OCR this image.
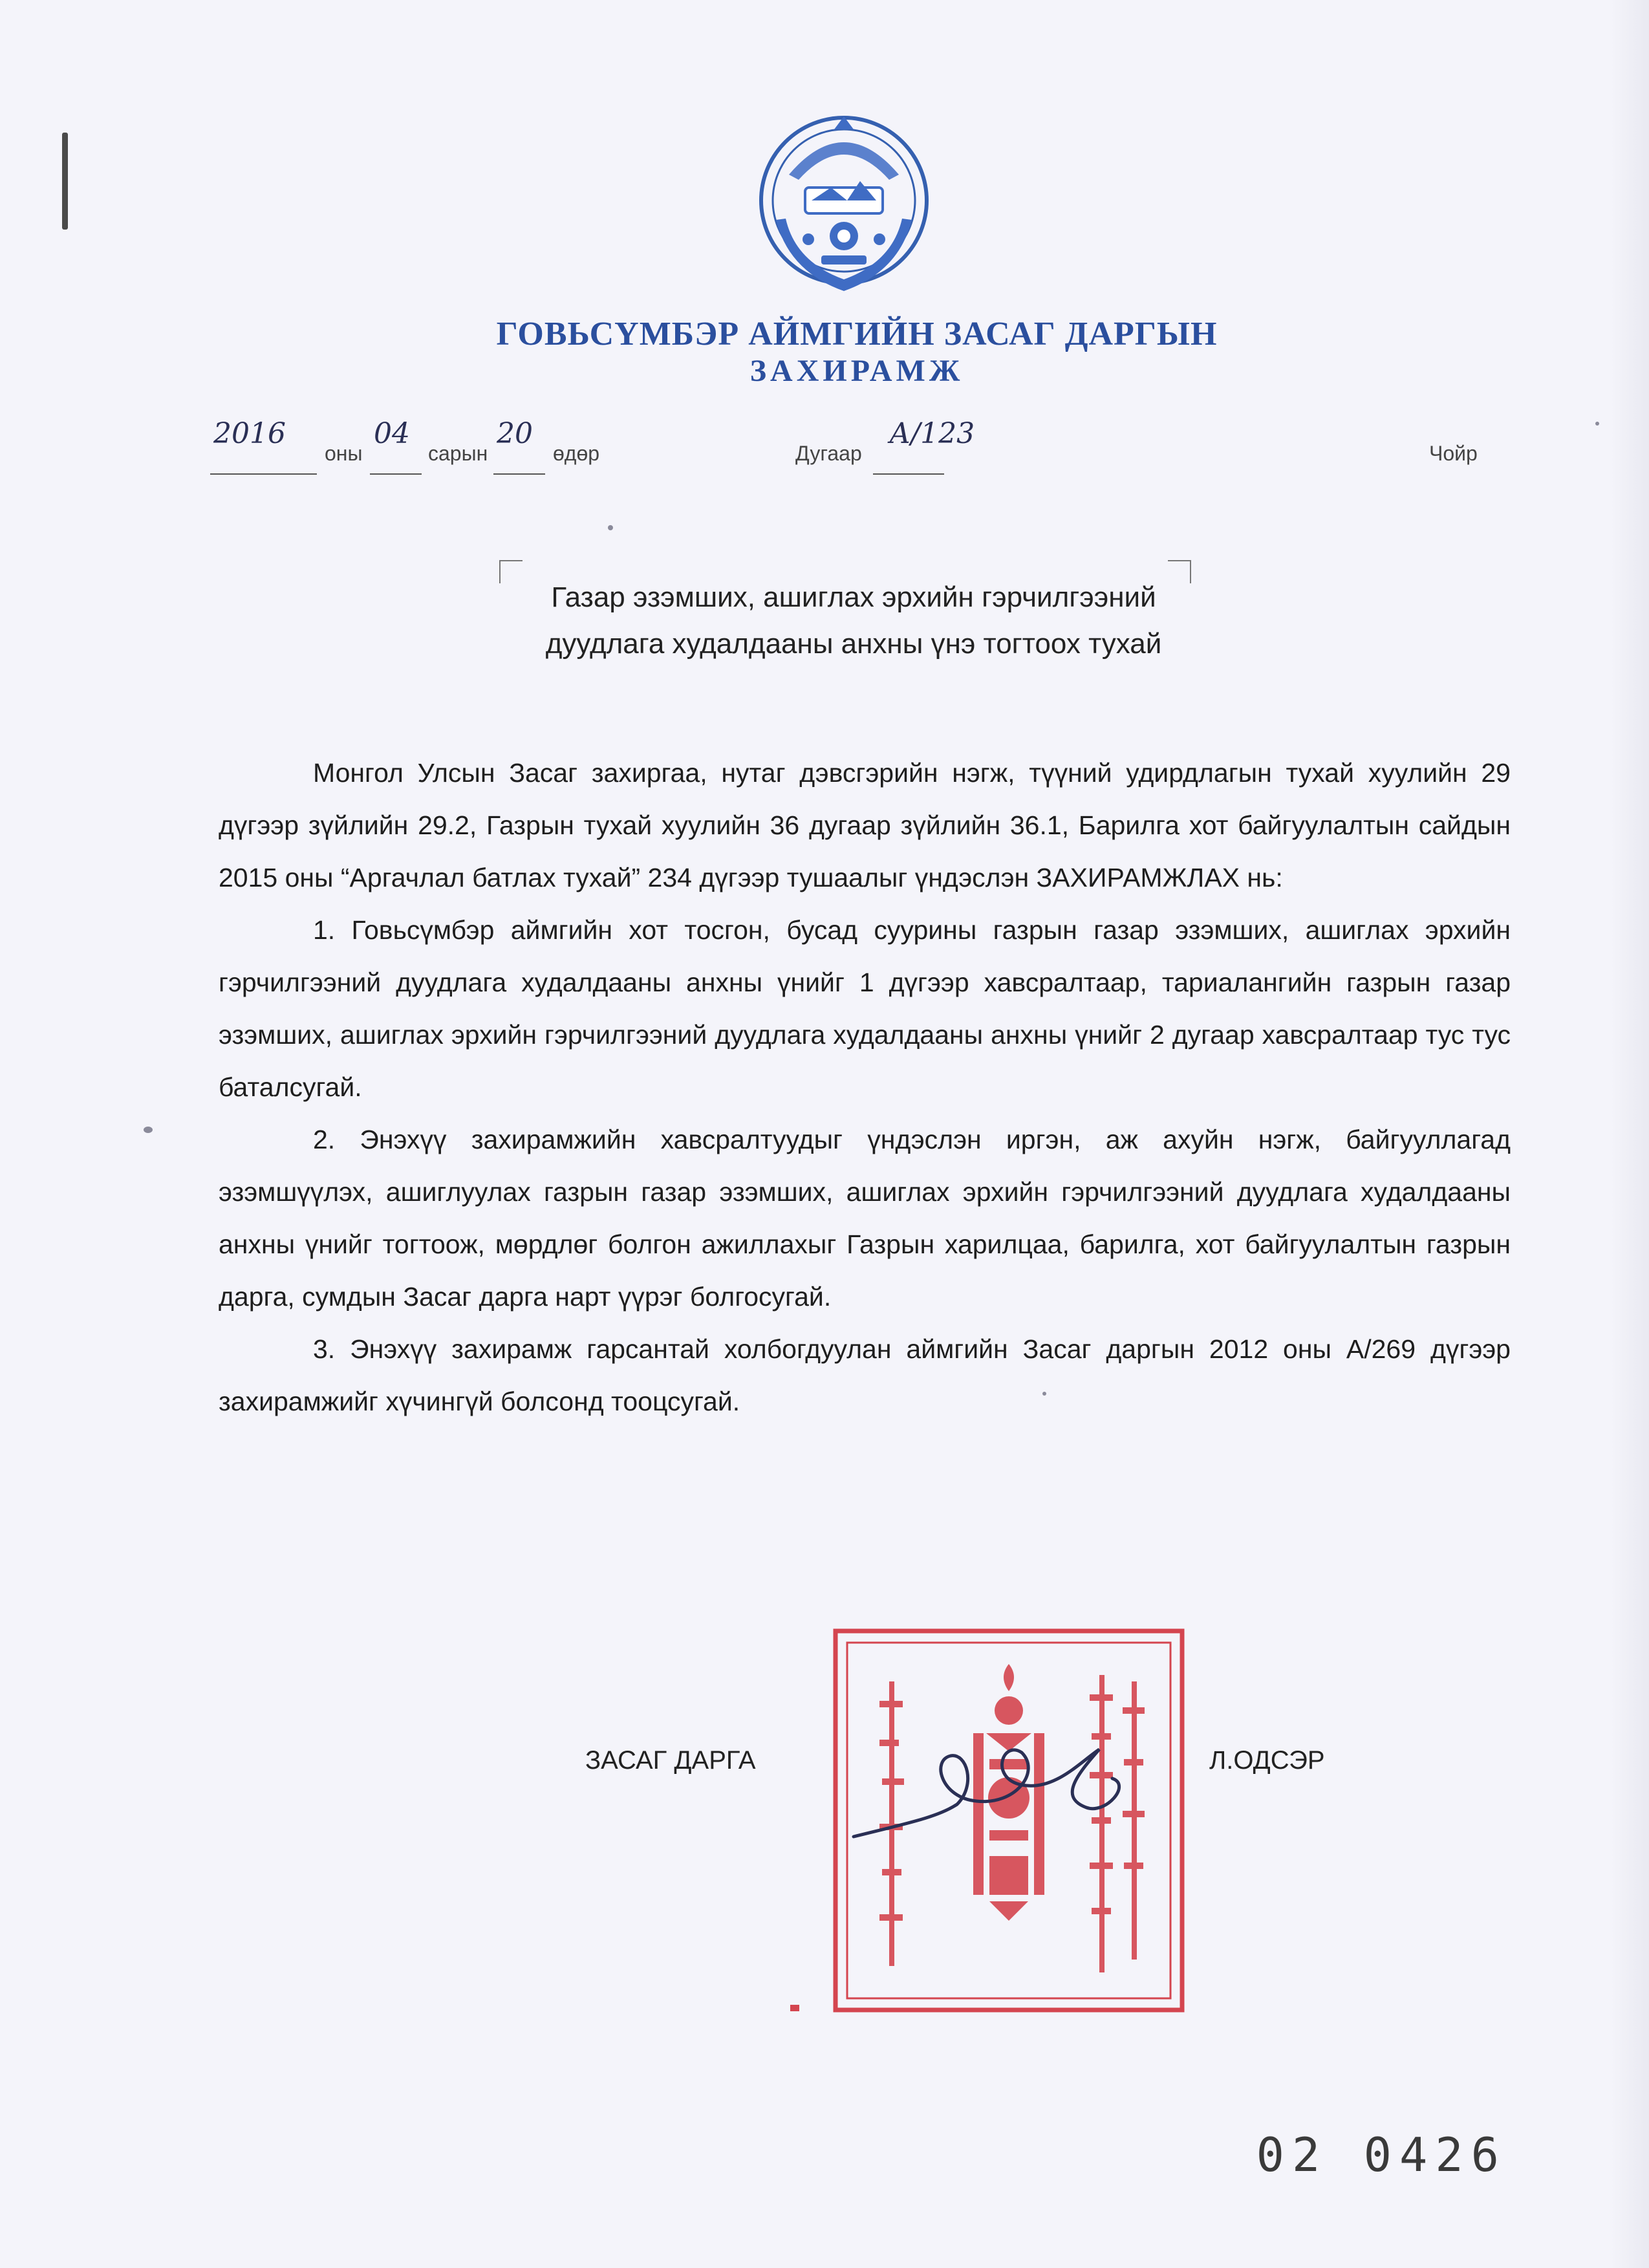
ГОВЬСҮМБЭР АЙМГИЙН ЗАСАГ ДАРГЫН
ЗАХИРАМЖ
2016
оны
04
сарын
20
өдөр	Дугаар
А/123
Чойр
Газар эзэмших, ашиглах эрхийн гэрчилгээний
дуудлага худалдааны анхны үнэ тогтоох тухай

Монгол Улсын Засаг захиргаа, нутаг дэвсгэрийн нэгж, түүний удирдлагын тухай хуулийн 29 дүгээр зүйлийн 29.2, Газрын тухай хуулийн 36 дугаар зүйлийн 36.1, Барилга хот байгуулалтын сайдын 2015 оны “Аргачлал батлах тухай” 234 дүгээр тушаалыг үндэслэн ЗАХИРАМЖЛАХ нь:

1. Говьсүмбэр аймгийн хот тосгон, бусад суурины газрын газар эзэмших, ашиглах эрхийн гэрчилгээний дуудлага худалдааны анхны үнийг 1 дүгээр хавсралтаар, тариалангийн газрын газар эзэмших, ашиглах эрхийн гэрчилгээний дуудлага худалдааны анхны үнийг 2 дугаар хавсралтаар тус тус баталсугай.

2. Энэхүү захирамжийн хавсралтуудыг үндэслэн иргэн, аж ахуйн нэгж, байгууллагад эзэмшүүлэх, ашиглуулах газрын газар эзэмших, ашиглах эрхийн гэрчилгээний дуудлага худалдааны анхны үнийг тогтоож, мөрдлөг болгон ажиллахыг Газрын харилцаа, барилга, хот байгуулалтын газрын дарга, сумдын Засаг дарга нарт үүрэг болгосугай.

3. Энэхүү захирамж гарсантай холбогдуулан аймгийн Засаг даргын 2012 оны А/269 дүгээр захирамжийг хүчингүй болсонд тооцсугай.

ЗАСАГ ДАРГА	Л.ОДСЭР
02 0426
